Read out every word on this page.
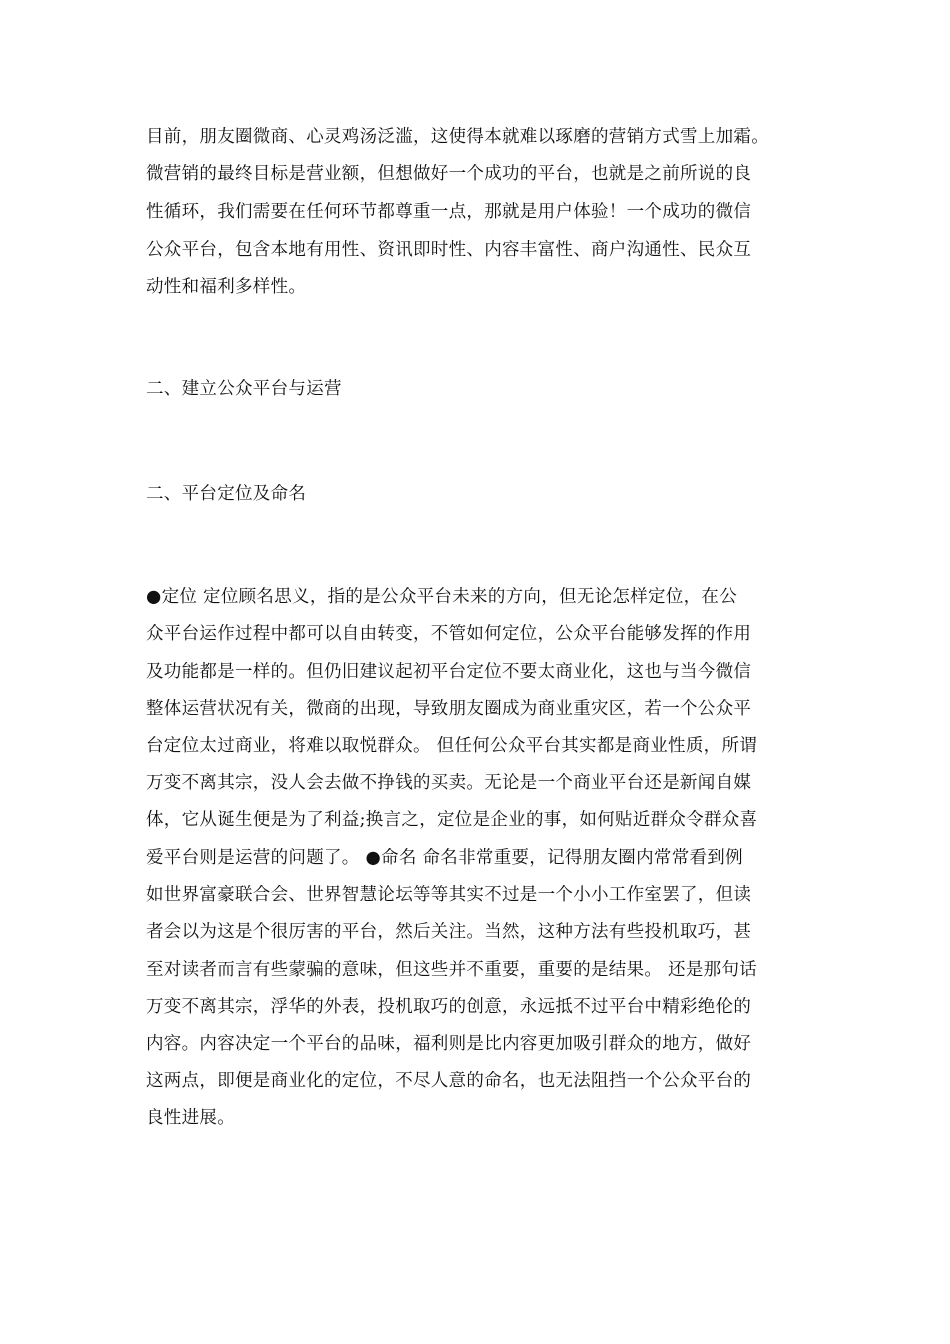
目前，朋友圈微商、心灵鸡汤泛滥，这使得本就难以琢磨的营销方式雪上加霜。
微营销的最终目标是营业额，但想做好一个成功的平台，也就是之前所说的良
性循环，我们需要在任何环节都尊重一点，那就是用户体验！一个成功的微信
公众平台，包含本地有用性、资讯即时性、内容丰富性、商户沟通性、民众互
动性和福利多样性。
二、建立公众平台与运营
二、平台定位及命名
●定位 定位顾名思义，指的是公众平台未来的方向，但无论怎样定位，在公
众平台运作过程中都可以自由转变，不管如何定位，公众平台能够发挥的作用
及功能都是一样的。但仍旧建议起初平台定位不要太商业化，这也与当今微信
整体运营状况有关，微商的出现，导致朋友圈成为商业重灾区，若一个公众平
台定位太过商业，将难以取悦群众。 但任何公众平台其实都是商业性质，所谓
万变不离其宗，没人会去做不挣钱的买卖。无论是一个商业平台还是新闻自媒
体，它从诞生便是为了利益;换言之，定位是企业的事，如何贴近群众令群众喜
爱平台则是运营的问题了。 ●命名 命名非常重要，记得朋友圈内常常看到例
如世界富豪联合会、世界智慧论坛等等其实不过是一个小小工作室罢了，但读
者会以为这是个很厉害的平台，然后关注。当然，这种方法有些投机取巧，甚
至对读者而言有些蒙骗的意味，但这些并不重要，重要的是结果。 还是那句话
万变不离其宗，浮华的外表，投机取巧的创意，永远抵不过平台中精彩绝伦的
内容。内容决定一个平台的品味，福利则是比内容更加吸引群众的地方，做好
这两点，即便是商业化的定位，不尽人意的命名，也无法阻挡一个公众平台的
良性进展。
